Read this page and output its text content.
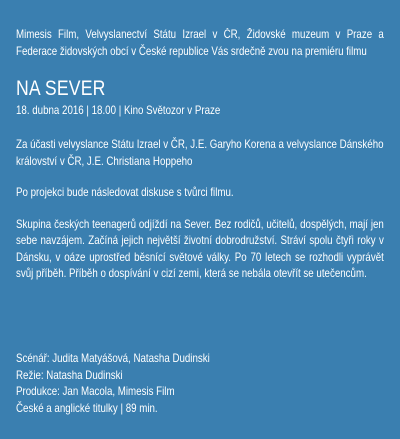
Mimesis Film, Velvyslanectví Státu Izrael v ČR, Židovské muzeum v Praze a Federace židovských obcí v České republice Vás srdečně zvou na premiéru filmu

NA SEVER

18. dubna 2016 | 18.00 | Kino Světozor v Praze

Za účasti velvyslance Státu Izrael v ČR, J.E. Garyho Korena a velvyslance Dánského království v ČR, J.E. Christiana Hoppeho

Po projekci bude následovat diskuse s tvůrci filmu.

Skupina českých teenagerů odjíždí na Sever. Bez rodičů, učitelů, dospělých, mají jen sebe navzájem. Začíná jejich největší životní dobrodružství. Stráví spolu čtyři roky v Dánsku, v oáze uprostřed běsnící světové války. Po 70 letech se rozhodli vyprávět svůj příběh. Příběh o dospívání v cizí zemi, která se nebála otevřít se utečencům.

Scénář: Judita Matyášová, Natasha Dudinski
Režie: Natasha Dudinski
Produkce: Jan Macola, Mimesis Film
České a anglické titulky | 89 min.
